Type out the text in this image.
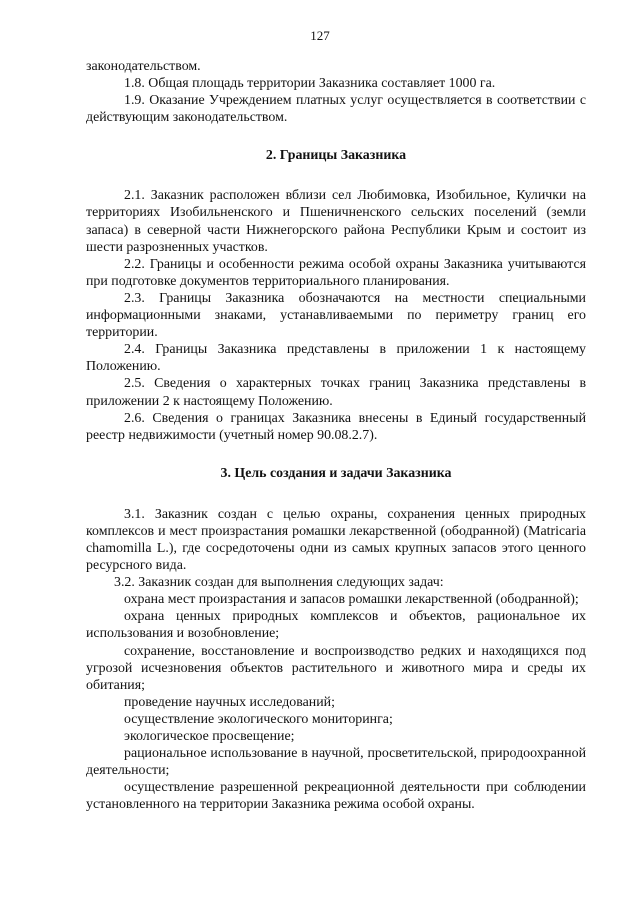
127

законодательством.

1.8. Общая площадь территории Заказника составляет 1000 га.

1.9. Оказание Учреждением платных услуг осуществляется в соответствии с действующим законодательством.

2. Границы Заказника

2.1. Заказник расположен вблизи сел Любимовка, Изобильное, Кулички на территориях Изобильненского и Пшеничненского сельских поселений (земли запаса) в северной части Нижнегорского района Республики Крым и состоит из шести разрозненных участков.

2.2. Границы и особенности режима особой охраны Заказника учитываются при подготовке документов территориального планирования.

2.3. Границы Заказника обозначаются на местности специальными информационными знаками, устанавливаемыми по периметру границ его территории.

2.4. Границы Заказника представлены в приложении 1 к настоящему Положению.

2.5. Сведения о характерных точках границ Заказника представлены в приложении 2 к настоящему Положению.

2.6. Сведения о границах Заказника внесены в Единый государственный реестр недвижимости (учетный номер 90.08.2.7).

3. Цель создания и задачи Заказника

3.1. Заказник создан с целью охраны, сохранения ценных природных комплексов и мест произрастания ромашки лекарственной (ободранной) (Matricaria chamomilla L.), где сосредоточены одни из самых крупных запасов этого ценного ресурсного вида.

3.2. Заказник создан для выполнения следующих задач:

охрана мест произрастания и запасов ромашки лекарственной (ободранной);

охрана ценных природных комплексов и объектов, рациональное их использования и возобновление;

сохранение, восстановление и воспроизводство редких и находящихся под угрозой исчезновения объектов растительного и животного мира и среды их обитания;

проведение научных исследований;

осуществление экологического мониторинга;

экологическое просвещение;

рациональное использование в научной, просветительской, природоохранной деятельности;

осуществление разрешенной рекреационной деятельности при соблюдении установленного на территории Заказника режима особой охраны.
